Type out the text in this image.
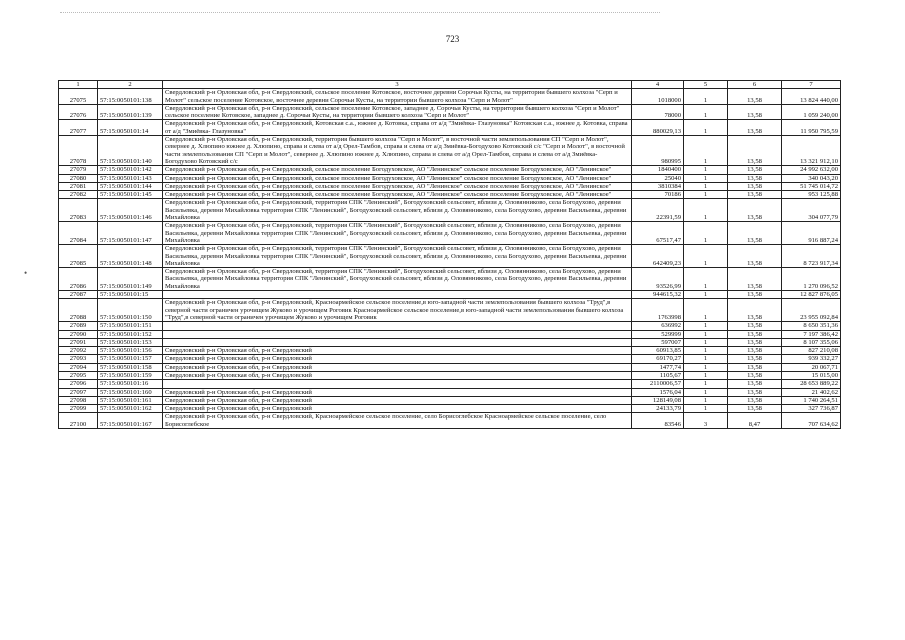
723
•
1	2	3	4	5	6	7
27075	57:15:0050101:138	Свердловский р-н Орловская обл, р-н Свердловский, сельское поселение Котовское, восточнее деревни Сорочьи Кусты, на территории бывшего колхоза "Серп и Молот" сельское поселение Котовское, восточнее деревни Сорочьи Кусты, на территории бывшего колхоза "Серп и Молот"	1018000	1	13,58	13 824 440,00
27076	57:15:0050101:139	Свердловский р-н Орловская обл, р-н Свердловский, сельское поселение Котовское, западнее д. Сорочьи Кусты, на территории бывшего колхоза "Серп и Молот" сельское поселение Котовское, западнее д. Сорочьи Кусты, на территории бывшего колхоза "Серп и Молот"	78000	1	13,58	1 059 240,00
27077	57:15:0050101:14	Свердловский р-н Орловская обл, р-н Свердловский, Котовская с.а., южнее д. Котовка, справа от а/д "Змиёвка- Глазуновка" Котовская с.а., южнее д. Котовка, справа от а/д "Змиёвка- Глазуновка"	880029,13	1	13,58	11 950 795,59
27078	57:15:0050101:140	Свердловский р-н Орловская обл, р-н Свердловский, территория бывшего колхоза "Серп и Молот", в восточной части землепользования СП "Серп и Молот", севернее д. Хлюпино южнее д. Хлюпино, справа и слева от а/д Орел-Тамбов, справа и слева от а/д Змиёвка-Богодухово Котовский с/с "Серп и Молот", в восточной части землепользования СП "Серп и Молот", севернее д. Хлюпино южнее д. Хлюпино, справа и слева от а/д Орел-Тамбов, справа и слева от а/д Змиёвка-Богодухово Котовский с/с	980995	1	13,58	13 321 912,10
27079	57:15:0050101:142	Свердловский р-н Орловская обл, р-н Свердловский, сельское поселение Богодуховское, АО "Ленинское" сельское поселение Богодуховское, АО "Ленинское"	1840400	1	13,58	24 992 632,00
27080	57:15:0050101:143	Свердловский р-н Орловская обл, р-н Свердловский, сельское поселение Богодуховское, АО "Ленинское" сельское поселение Богодуховское, АО "Ленинское"	25040	1	13,58	340 043,20
27081	57:15:0050101:144	Свердловский р-н Орловская обл, р-н Свердловский, сельское поселение Богодуховское, АО "Ленинское" сельское поселение Богодуховское, АО "Ленинское"	3810384	1	13,58	51 745 014,72
27082	57:15:0050101:145	Свердловский р-н Орловская обл, р-н Свердловский, сельское поселение Богодуховское, АО "Ленинское" сельское поселение Богодуховское, АО "Ленинское"	70186	1	13,58	953 125,88
27083	57:15:0050101:146	Свердловский р-н Орловская обл, р-н Свердловский, территория СПК "Ленинский", Богодуховский сельсовет, вблизи д. Оловянниково, села Богодухово, деревни Васильевка, деревни Михайловка территория СПК "Ленинский", Богодуховский сельсовет, вблизи д. Оловянниково, села Богодухово, деревни Васильевка, деревни Михайловка	22391,59	1	13,58	304 077,79
27084	57:15:0050101:147	Свердловский р-н Орловская обл, р-н Свердловский, территория СПК "Ленинский", Богодуховский сельсовет, вблизи д. Оловянниково, села Богодухово, деревни Васильевка, деревни Михайловка территория СПК "Ленинский", Богодуховский сельсовет, вблизи д. Оловянниково, села Богодухово, деревни Васильевка, деревни Михайловка	67517,47	1	13,58	916 887,24
27085	57:15:0050101:148	Свердловский р-н Орловская обл, р-н Свердловский, территория СПК "Ленинский", Богодуховский сельсовет, вблизи д. Оловянниково, села Богодухово, деревни Васильевка, деревни Михайловка территория СПК "Ленинский", Богодуховский сельсовет, вблизи д. Оловянниково, села Богодухово, деревни Васильевка, деревни Михайловка	642409,23	1	13,58	8 723 917,34
27086	57:15:0050101:149	Свердловский р-н Орловская обл, р-н Свердловский, территория СПК "Ленинский", Богодуховский сельсовет, вблизи д. Оловянниково, села Богодухово, деревни Васильевка, деревни Михайловка территория СПК "Ленинский", Богодуховский сельсовет, вблизи д. Оловянниково, села Богодухово, деревни Васильевка, деревни Михайловка	93526,99	1	13,58	1 270 096,52
27087	57:15:0050101:15		944615,32	1	13,58	12 827 876,05
27088	57:15:0050101:150	Свердловский р-н Орловская обл, р-н Свердловский, Красноармейское сельское поселение,в юго-западной части землепользования бывшего колхоза "Труд",в северной части ограничен урочищем Жуково и урочищем Роговик Красноармейское сельское поселение,в юго-западной части землепользования бывшего колхоза "Труд",в северной части ограничен урочищем Жуково и урочищем Роговик	1763998	1	13,58	23 955 092,84
27089	57:15:0050101:151		636992	1	13,58	8 650 351,36
27090	57:15:0050101:152		529999	1	13,58	7 197 386,42
27091	57:15:0050101:153		597007	1	13,58	8 107 355,06
27092	57:15:0050101:156	Свердловский р-н Орловская обл, р-н Свердловский	60913,85	1	13,58	827 210,08
27093	57:15:0050101:157	Свердловский р-н Орловская обл, р-н Свердловский	69170,27	1	13,58	939 332,27
27094	57:15:0050101:158	Свердловский р-н Орловская обл, р-н Свердловский	1477,74	1	13,58	20 067,71
27095	57:15:0050101:159	Свердловский р-н Орловская обл, р-н Свердловский	1105,67	1	13,58	15 015,00
27096	57:15:0050101:16		2110006,57	1	13,58	28 653 889,22
27097	57:15:0050101:160	Свердловский р-н Орловская обл, р-н Свердловский	1576,04	1	13,58	21 402,62
27098	57:15:0050101:161	Свердловский р-н Орловская обл, р-н Свердловский	128149,08	1	13,58	1 740 264,51
27099	57:15:0050101:162	Свердловский р-н Орловская обл, р-н Свердловский	24133,79	1	13,58	327 736,87
27100	57:15:0050101:167	Свердловский р-н Орловская обл, р-н Свердловский, Красноармейское сельское поселение, село Борисоглебское Красноармейское сельское поселение, село Борисоглебское	83546	3	8,47	707 634,62
